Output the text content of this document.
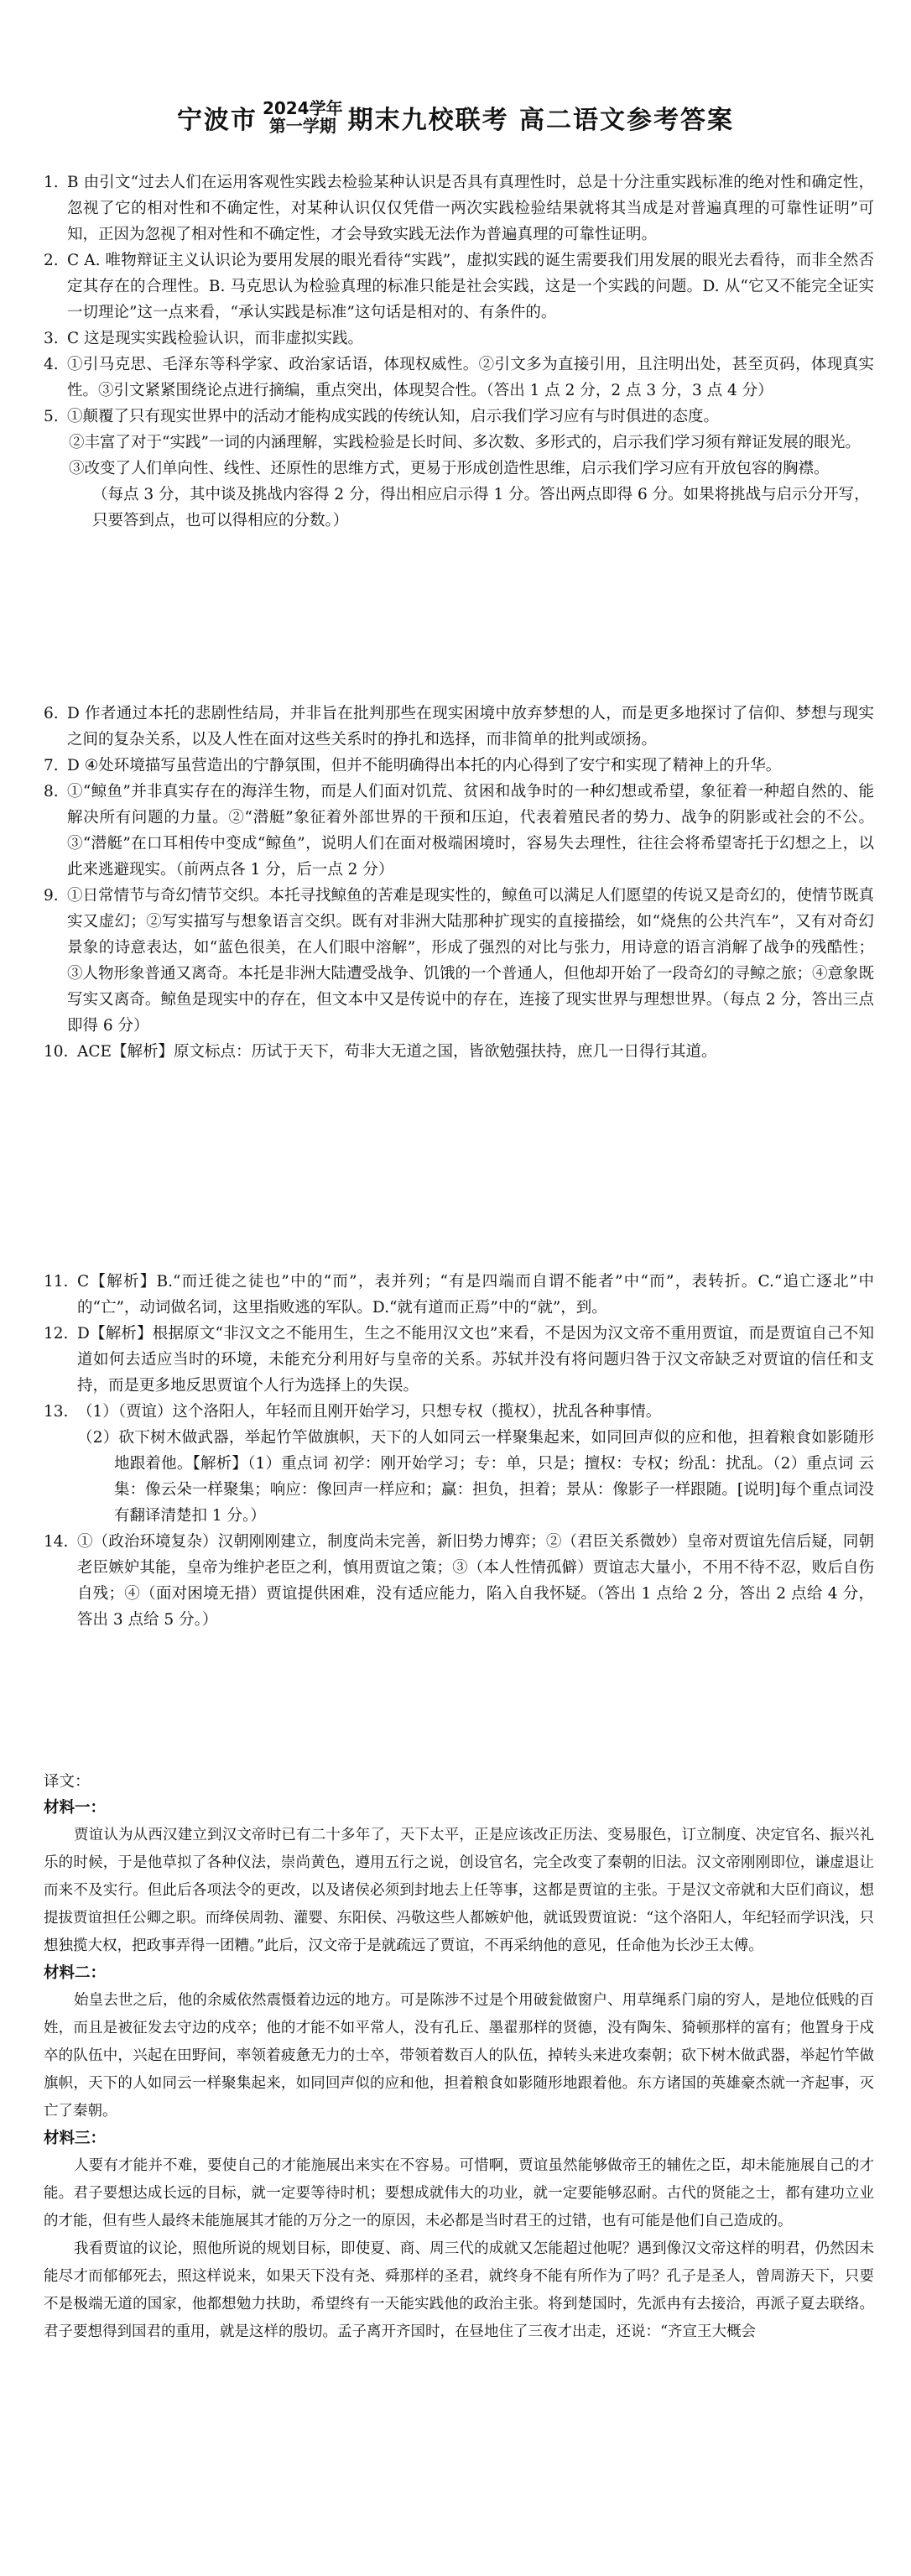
宁波市 2024学年
第一学期 期末九校联考 高二语文参考答案
1. B 由引文“过去人们在运用客观性实践去检验某种认识是否具有真理性时，总是十分注重实践标准的绝对性和确定性，忽视了它的相对性和不确定性，对某种认识仅仅凭借一两次实践检验结果就将其当成是对普遍真理的可靠性证明”可知，正因为忽视了相对性和不确定性，才会导致实践无法作为普遍真理的可靠性证明。
2. C A. 唯物辩证主义认识论为要用发展的眼光看待“实践”，虚拟实践的诞生需要我们用发展的眼光去看待，而非全然否定其存在的合理性。B. 马克思认为检验真理的标准只能是社会实践，这是一个实践的问题。D. 从“它又不能完全证实一切理论”这一点来看，“承认实践是标准”这句话是相对的、有条件的。
3. C 这是现实实践检验认识，而非虚拟实践。
4. ①引马克思、毛泽东等科学家、政治家话语，体现权威性。②引文多为直接引用，且注明出处，甚至页码，体现真实性。③引文紧紧围绕论点进行摘编，重点突出，体现契合性。（答出 1 点 2 分，2 点 3 分，3 点 4 分）
5. ①颠覆了只有现实世界中的活动才能构成实践的传统认知，启示我们学习应有与时俱进的态度。
②丰富了对于“实践”一词的内涵理解，实践检验是长时间、多次数、多形式的，启示我们学习须有辩证发展的眼光。
③改变了人们单向性、线性、还原性的思维方式，更易于形成创造性思维，启示我们学习应有开放包容的胸襟。
（每点 3 分，其中谈及挑战内容得 2 分，得出相应启示得 1 分。答出两点即得 6 分。如果将挑战与启示分开写，只要答到点，也可以得相应的分数。）
6. D 作者通过本托的悲剧性结局，并非旨在批判那些在现实困境中放弃梦想的人，而是更多地探讨了信仰、梦想与现实之间的复杂关系，以及人性在面对这些关系时的挣扎和选择，而非简单的批判或颂扬。
7. D ④处环境描写虽营造出的宁静氛围，但并不能明确得出本托的内心得到了安宁和实现了精神上的升华。
8. ①“鲸鱼”并非真实存在的海洋生物，而是人们面对饥荒、贫困和战争时的一种幻想或希望，象征着一种超自然的、能解决所有问题的力量。②“潜艇”象征着外部世界的干预和压迫，代表着殖民者的势力、战争的阴影或社会的不公。③“潜艇”在口耳相传中变成“鲸鱼”，说明人们在面对极端困境时，容易失去理性，往往会将希望寄托于幻想之上，以此来逃避现实。（前两点各 1 分，后一点 2 分）
9. ①日常情节与奇幻情节交织。本托寻找鲸鱼的苦难是现实性的，鲸鱼可以满足人们愿望的传说又是奇幻的，使情节既真实又虚幻；②写实描写与想象语言交织。既有对非洲大陆那种扩现实的直接描绘，如“烧焦的公共汽车”，又有对奇幻景象的诗意表达，如“蓝色很美，在人们眼中溶解”，形成了强烈的对比与张力，用诗意的语言消解了战争的残酷性；③人物形象普通又离奇。本托是非洲大陆遭受战争、饥饿的一个普通人，但他却开始了一段奇幻的寻鲸之旅；④意象既写实又离奇。鲸鱼是现实中的存在，但文本中又是传说中的存在，连接了现实世界与理想世界。（每点 2 分，答出三点即得 6 分）
10. ACE【解析】原文标点：历试于天下，苟非大无道之国，皆欲勉强扶持，庶几一日得行其道。
11. C【解析】B.“而迁徙之徒也”中的“而”，表并列；“有是四端而自谓不能者”中“而”，表转折。C.“追亡逐北”中的“亡”，动词做名词，这里指败逃的军队。D.“就有道而正焉”中的“就”，到。
12. D【解析】根据原文“非汉文之不能用生，生之不能用汉文也”来看，不是因为汉文帝不重用贾谊，而是贾谊自己不知道如何去适应当时的环境，未能充分利用好与皇帝的关系。苏轼并没有将问题归咎于汉文帝缺乏对贾谊的信任和支持，而是更多地反思贾谊个人行为选择上的失误。
13. （1）（贾谊）这个洛阳人，年轻而且刚开始学习，只想专权（揽权），扰乱各种事情。
（2）砍下树木做武器，举起竹竿做旗帜，天下的人如同云一样聚集起来，如同回声似的应和他，担着粮食如影随形地跟着他。【解析】（1）重点词 初学：刚开始学习；专：单，只是；擅权：专权；纷乱：扰乱。（2）重点词 云集：像云朵一样聚集；响应：像回声一样应和；赢：担负，担着；景从：像影子一样跟随。[说明]每个重点词没有翻译清楚扣 1 分。）
14. ①（政治环境复杂）汉朝刚刚建立，制度尚未完善，新旧势力博弈；②（君臣关系微妙）皇帝对贾谊先信后疑，同朝老臣嫉妒其能，皇帝为维护老臣之利，慎用贾谊之策；③（本人性情孤僻）贾谊志大量小，不用不待不忍，败后自伤自残；④（面对困境无措）贾谊提供困难，没有适应能力，陷入自我怀疑。（答出 1 点给 2 分，答出 2 点给 4 分，答出 3 点给 5 分。）
译文：
材料一：
贾谊认为从西汉建立到汉文帝时已有二十多年了，天下太平，正是应该改正历法、变易服色，订立制度、决定官名、振兴礼乐的时候，于是他草拟了各种仪法，崇尚黄色，遵用五行之说，创设官名，完全改变了秦朝的旧法。汉文帝刚刚即位，谦虚退让而来不及实行。但此后各项法令的更改，以及诸侯必须到封地去上任等事，这都是贾谊的主张。于是汉文帝就和大臣们商议，想提拔贾谊担任公卿之职。而绛侯周勃、灌婴、东阳侯、冯敬这些人都嫉妒他，就诋毁贾谊说：“这个洛阳人，年纪轻而学识浅，只想独揽大权，把政事弄得一团糟。”此后，汉文帝于是就疏远了贾谊，不再采纳他的意见，任命他为长沙王太傅。
材料二：
始皇去世之后，他的余威依然震慑着边远的地方。可是陈涉不过是个用破瓮做窗户、用草绳系门扇的穷人，是地位低贱的百姓，而且是被征发去守边的戍卒；他的才能不如平常人，没有孔丘、墨翟那样的贤德，没有陶朱、猗顿那样的富有；他置身于戍卒的队伍中，兴起在田野间，率领着疲惫无力的士卒，带领着数百人的队伍，掉转头来进攻秦朝；砍下树木做武器，举起竹竿做旗帜，天下的人如同云一样聚集起来，如同回声似的应和他，担着粮食如影随形地跟着他。东方诸国的英雄豪杰就一齐起事，灭亡了秦朝。
材料三：
人要有才能并不难，要使自己的才能施展出来实在不容易。可惜啊，贾谊虽然能够做帝王的辅佐之臣，却未能施展自己的才能。君子要想达成长远的目标，就一定要等待时机；要想成就伟大的功业，就一定要能够忍耐。古代的贤能之士，都有建功立业的才能，但有些人最终未能施展其才能的万分之一的原因，未必都是当时君王的过错，也有可能是他们自己造成的。
我看贾谊的议论，照他所说的规划目标，即使夏、商、周三代的成就又怎能超过他呢？遇到像汉文帝这样的明君，仍然因未能尽才而郁郁死去，照这样说来，如果天下没有尧、舜那样的圣君，就终身不能有所作为了吗？孔子是圣人，曾周游天下，只要不是极端无道的国家，他都想勉力扶助，希望终有一天能实践他的政治主张。将到楚国时，先派冉有去接洽，再派子夏去联络。君子要想得到国君的重用，就是这样的殷切。孟子离开齐国时，在昼地住了三夜才出走，还说：“齐宣王大概会
